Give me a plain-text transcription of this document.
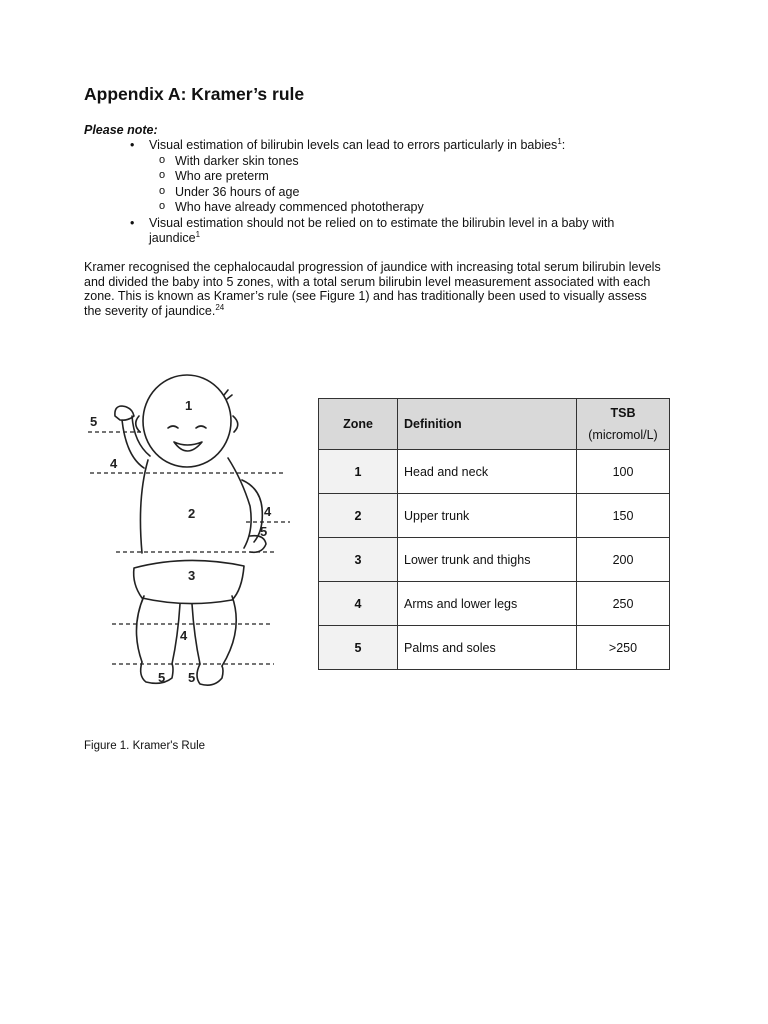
Appendix A: Kramer’s rule
Please note:
• Visual estimation of bilirubin levels can lead to errors particularly in babies$^1$:
o With darker skin tones
o Who are preterm
o Under 36 hours of age
o Who have already commenced phototherapy
• Visual estimation should not be relied on to estimate the bilirubin level in a baby with jaundice$^1$

Kramer recognised the cephalocaudal progression of jaundice with increasing total serum bilirubin levels and divided the baby into 5 zones, with a total serum bilirubin level measurement associated with each zone. This is known as Kramer’s rule (see Figure 1) and has traditionally been used to visually assess the severity of jaundice.$^{24}$

1
5
4
2	4
5
3
4
5 5
Zone	Definition	TSB
(micromol/L)

1	Head and neck	100
2	Upper trunk	150
3	Lower trunk and thighs	200
4	Arms and lower legs	250
5	Palms and soles	>250
Figure 1. Kramer's Rule
